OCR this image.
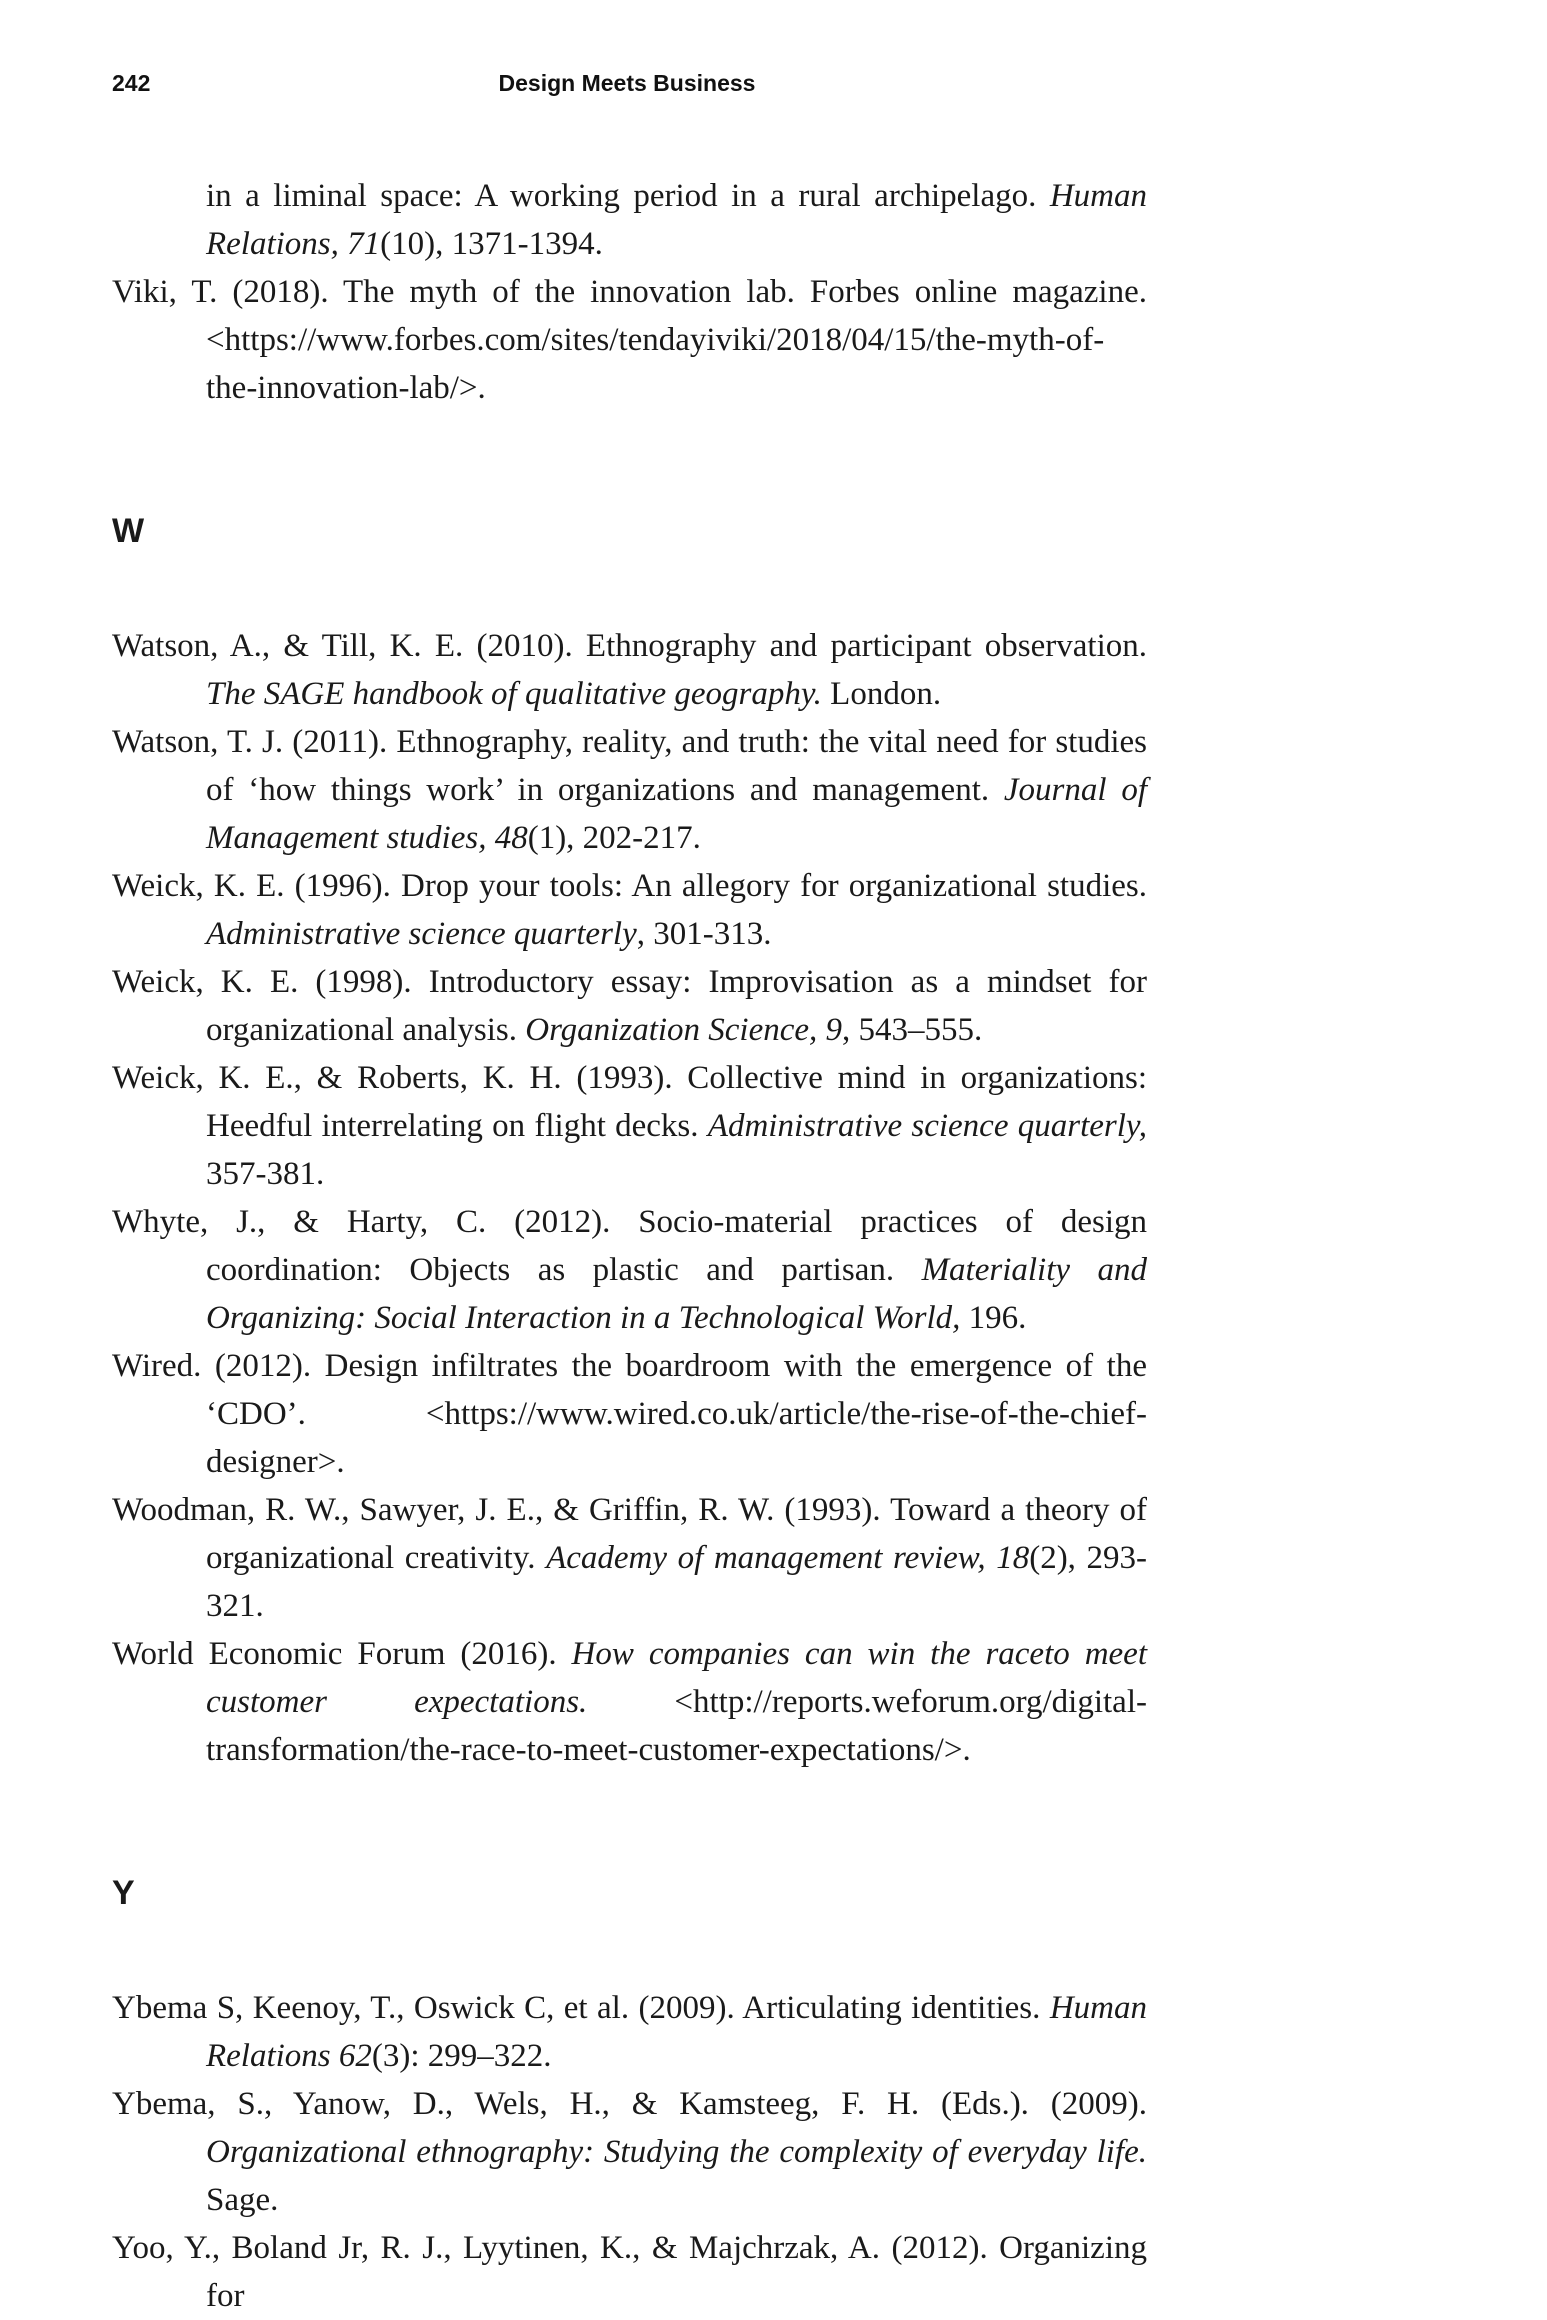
242	Design Meets Business

in a liminal space: A working period in a rural archipelago. Human Relations, 71(10), 1371-1394.

Viki, T. (2018). The myth of the innovation lab. Forbes online magazine. <https://www.forbes.com/sites/tendayiviki/2018/04/15/the-myth-of-the-innovation-lab/>.

W

Watson, A., & Till, K. E. (2010). Ethnography and participant observation. The SAGE handbook of qualitative geography. London.

Watson, T. J. (2011). Ethnography, reality, and truth: the vital need for studies of ‘how things work’ in organizations and management. Journal of Management studies, 48(1), 202-217.

Weick, K. E. (1996). Drop your tools: An allegory for organizational studies. Administrative science quarterly, 301-313.

Weick, K. E. (1998). Introductory essay: Improvisation as a mindset for organizational analysis. Organization Science, 9, 543–555.

Weick, K. E., & Roberts, K. H. (1993). Collective mind in organizations: Heedful interrelating on flight decks. Administrative science quarterly, 357-381.

Whyte, J., & Harty, C. (2012). Socio-material practices of design coordination: Objects as plastic and partisan. Materiality and Organizing: Social Interaction in a Technological World, 196.

Wired. (2012). Design infiltrates the boardroom with the emergence of the ‘CDO’. <https://www.wired.co.uk/article/the-rise-of-the-chief-designer>.

Woodman, R. W., Sawyer, J. E., & Griffin, R. W. (1993). Toward a theory of organizational creativity. Academy of management review, 18(2), 293-321.

World Economic Forum (2016). How companies can win the raceto meet customer expectations. <http://reports.weforum.org/digital-transformation/the-race-to-meet-customer-expectations/>.

Y

Ybema S, Keenoy, T., Oswick C, et al. (2009). Articulating identities. Human Relations 62(3): 299–322.

Ybema, S., Yanow, D., Wels, H., & Kamsteeg, F. H. (Eds.). (2009). Organizational ethnography: Studying the complexity of everyday life. Sage.

Yoo, Y., Boland Jr, R. J., Lyytinen, K., & Majchrzak, A. (2012). Organizing for
